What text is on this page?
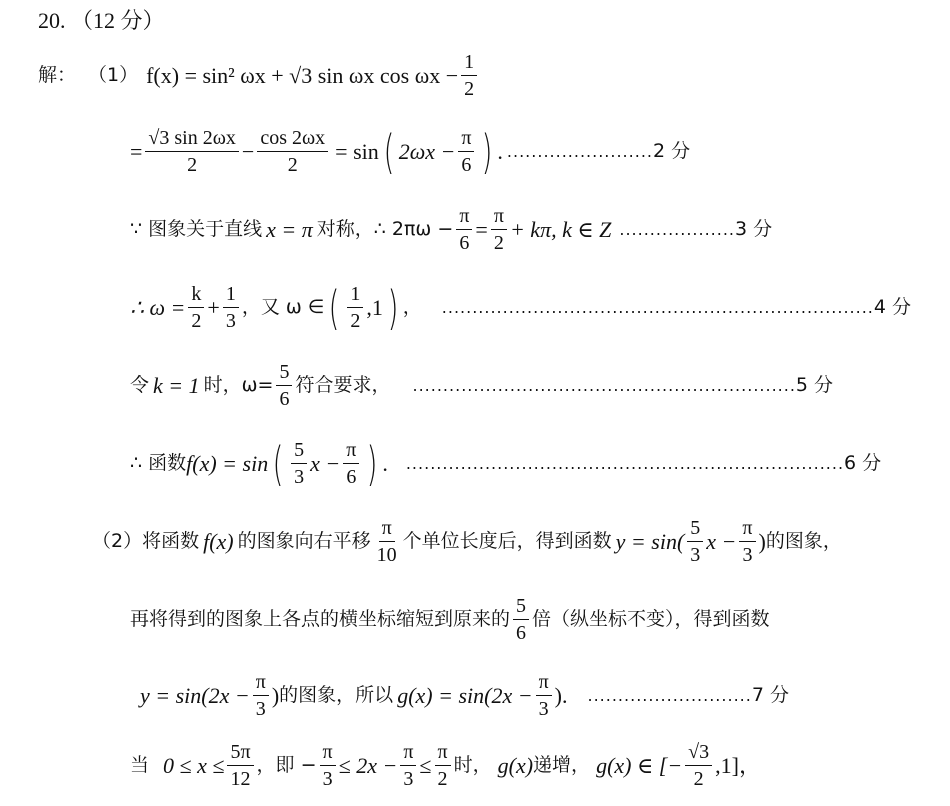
20. （12 分）
解： （1） f(x) = sin² ωx + √3 sin ωx $\cos \omega x - \frac{1}{2}$
= $\frac{√3 \sin 2\omega x}{2} - \frac{\cos 2\omega x}{2} = \sin$ ( $2\omega x - \frac{\pi}{6}$ ) . ........................ 2 分
∵ 图象关于直线 x = π 对称，∴ $2\pi\omega - \frac{\pi}{6} = \frac{\pi}{2} + k\pi$, k ∈ Z ................... 3 分
∴ $\omega = \frac{k}{2} + \frac{1}{3}$ ，又 ω ∈ ( $\frac{1}{2} ,1$ ) ， ....................................................................... 4 分
令 k = 1 时，$\omega= \frac{5}{6}$ 符合要求， ............................................................... 5 分
∴ 函数 f(x) = sin ( $\frac{5}{3}$ $x - \frac{\pi}{6}$ ) . ........................................................................ 6 分
（2）将函数 f(x) 的图象向右平移 $\frac{\pi}{10}$ 个单位长度后，得到函数 $y = \sin( \frac{5}{3}$ $x - \frac{\pi}{3}$ ) 的图象，
再将得到的图象上各点的横坐标缩短到原来的 $\frac{5}{6}$ 倍（纵坐标不变），得到函数
$y = \sin(2x - \frac{\pi}{3}$ ) 的图象，所以 $g(x) = \sin(2x - \frac{\pi}{3}$ ). ........................... 7 分
当 $0 \le x \le \frac{5\pi}{12}$ ，即 − $\frac{\pi}{3} \le 2x - \frac{\pi}{3} \le \frac{\pi}{2}$ 时， g(x) 递增， g(x) ∈ [− $\frac{√3}{2} ,1$]，
